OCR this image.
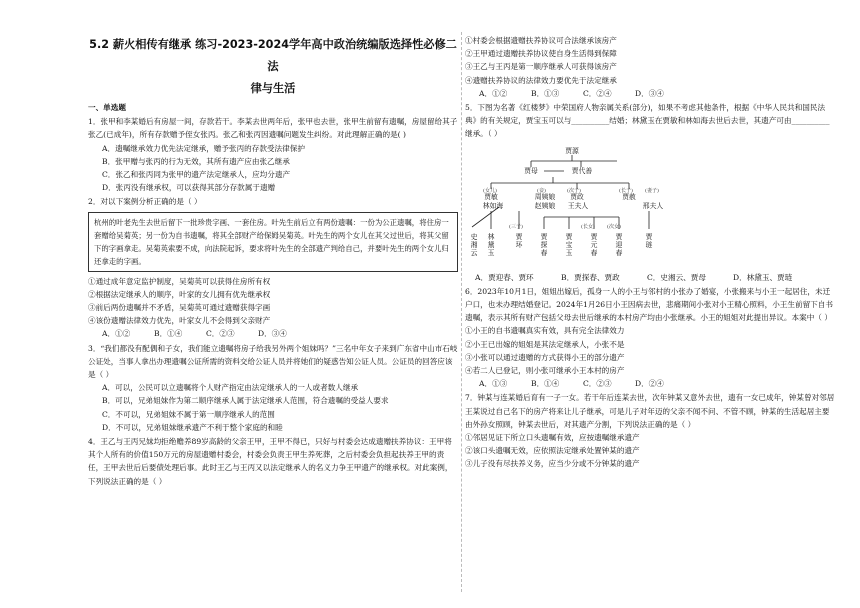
5.2 薪火相传有继承 练习-2023-2024学年高中政治统编版选择性必修二法
律与生活
一、单选题

1．张甲和李某婚后有房屋一间，存款若干。李某去世两年后，张甲也去世，张甲生前留有遗嘱，房屋留给其子张乙(已成年)，所有存款赠予侄女张丙。张乙和张丙因遗嘱问题发生纠纷。对此理解正确的是( )

A．遗嘱继承效力优先法定继承，赠予张丙的存款受法律保护

B．张甲赠与张丙的行为无效，其所有遗产应由张乙继承

C．张乙和张丙同为张甲的遗产法定继承人，应均分遗产

D．张丙没有继承权，可以获得其部分存款属于遗赠

2．对以下案例分析正确的是（ ）

杭州的叶老先生去世后留下一批珍贵字画、一套住房。叶先生前后立有两份遗嘱：一份为公正遗嘱，将住房一套赠给吴菊英；另一份为自书遗嘱，将其全部财产给保姆吴菊英。叶先生的两个女儿在其父过世后，将其父留下的字画拿走。吴菊英索要不成，向法院起诉，要求将叶先生的全部遗产判给自己，并要叶先生的两个女儿归还拿走的字画。

①通过成年意定监护制度，吴菊英可以获得住房所有权

②根据法定继承人的顺序，叶家的女儿拥有优先继承权

③前后两份遗嘱并不矛盾，吴菊英可通过遗赠获得字画

④该份遗赠法律效力优先，叶家女儿不会得到父亲财产

A．①②	B．①④	C．②③	D．③④

3．“我们都没有配偶和子女，我们能立遗嘱将房子给我另外两个姐妹吗？”三名中年女子来到广东省中山市石岐公证处，当事人拿出办理遗嘱公证所需的资料交给公证人员并将她们的疑惑告知公证人员。公证员的回答应该是（ ）

A．可以，公民可以立遗嘱将个人财产指定由法定继承人的一人或者数人继承

B．可以，兄弟姐妹作为第二顺序继承人属于法定继承人范围，符合遗嘱的受益人要求

C．不可以，兄弟姐妹不属于第一顺序继承人的范围

D．不可以，兄弟姐妹继承遗产不利于整个家庭的和睦

4．王乙与王丙兄妹均拒绝赡养89岁高龄的父亲王甲，王甲不得已，只好与村委会达成遗赠扶养协议：王甲将其个人所有的价值150万元的房屋遗赠村委会，村委会负责王甲生养死葬，之后村委会负担起扶养王甲的责任，王甲去世后后要债处理后事。此时王乙与王丙又以法定继承人的名义力争王甲遗产的继承权。对此案例，下列说法正确的是（ ）

①村委会根据遗赠扶养协议可合法继承该房产

②王甲通过遗赠扶养协议使自身生活得到保障

③王乙与王丙是第一顺序继承人可获得该房产

④遗赠扶养协议的法律效力要优先于法定继承

A．①②	B．①③	C．②④	D．③④

5．下图为名著《红楼梦》中荣国府人物亲属关系(部分)，如果不考虑其他条件，根据《中华人民共和国民法典》的有关规定，贾宝玉可以与__________结婚；林黛玉在贾敏和林如海去世后去世，其遗产可由__________继承。（ ）

贾源
贾母	贾代善
(女儿)	(长子)
(次子)	(妻子)
(妾)
(三子)	(长女) (次女)
贾敏
林如海
周姨娘
赵姨娘
贾政
王夫人
贾赦
邢夫人
史湘云
林黛玉
贾环
贾探春
贾宝玉
贾元春
贾迎春
贾琏
A．贾迎春、贾环	B．贾探春、贾政	C．史湘云、贾母	D．林黛玉、贾琏

6．2023年10月1日，姐姐出嫁后，孤身一人的小王与邻村的小张办了婚宴，小张搬来与小王一起居住，未迁户口，也未办理结婚登记。2024年1月26日小王因病去世，悲痛期间小张对小王精心照料，小王生前留下自书遗嘱，表示其所有财产包括父母去世后继承的本村房产均由小张继承。小王的姐姐对此提出异议。本案中（ ）

①小王的自书遗嘱真实有效，具有完全法律效力

②小王已出嫁的姐姐是其法定继承人，小张不是

③小张可以通过遗赠的方式获得小王的部分遗产

④若二人已登记，则小张可继承小王本村的房产

A．①③	B．①④	C．②③	D．②④

7．钟某与连某婚后育有一子一女。若干年后连某去世，次年钟某又意外去世，遗有一女已成年，钟某曾对邻居王某说过自己名下的房产将来让儿子继承，可是儿子对年迈的父亲不闻不问、不管不顾，钟某的生活起居主要由外孙女照顾，钟某去世后，对其遗产分割，下列说法正确的是（ ）

①邻居见证下所立口头遗嘱有效，应按遗嘱继承遗产

②该口头遗嘱无效，应依照法定继承处置钟某的遗产

③儿子没有尽扶养义务，应当少分或不分钟某的遗产
